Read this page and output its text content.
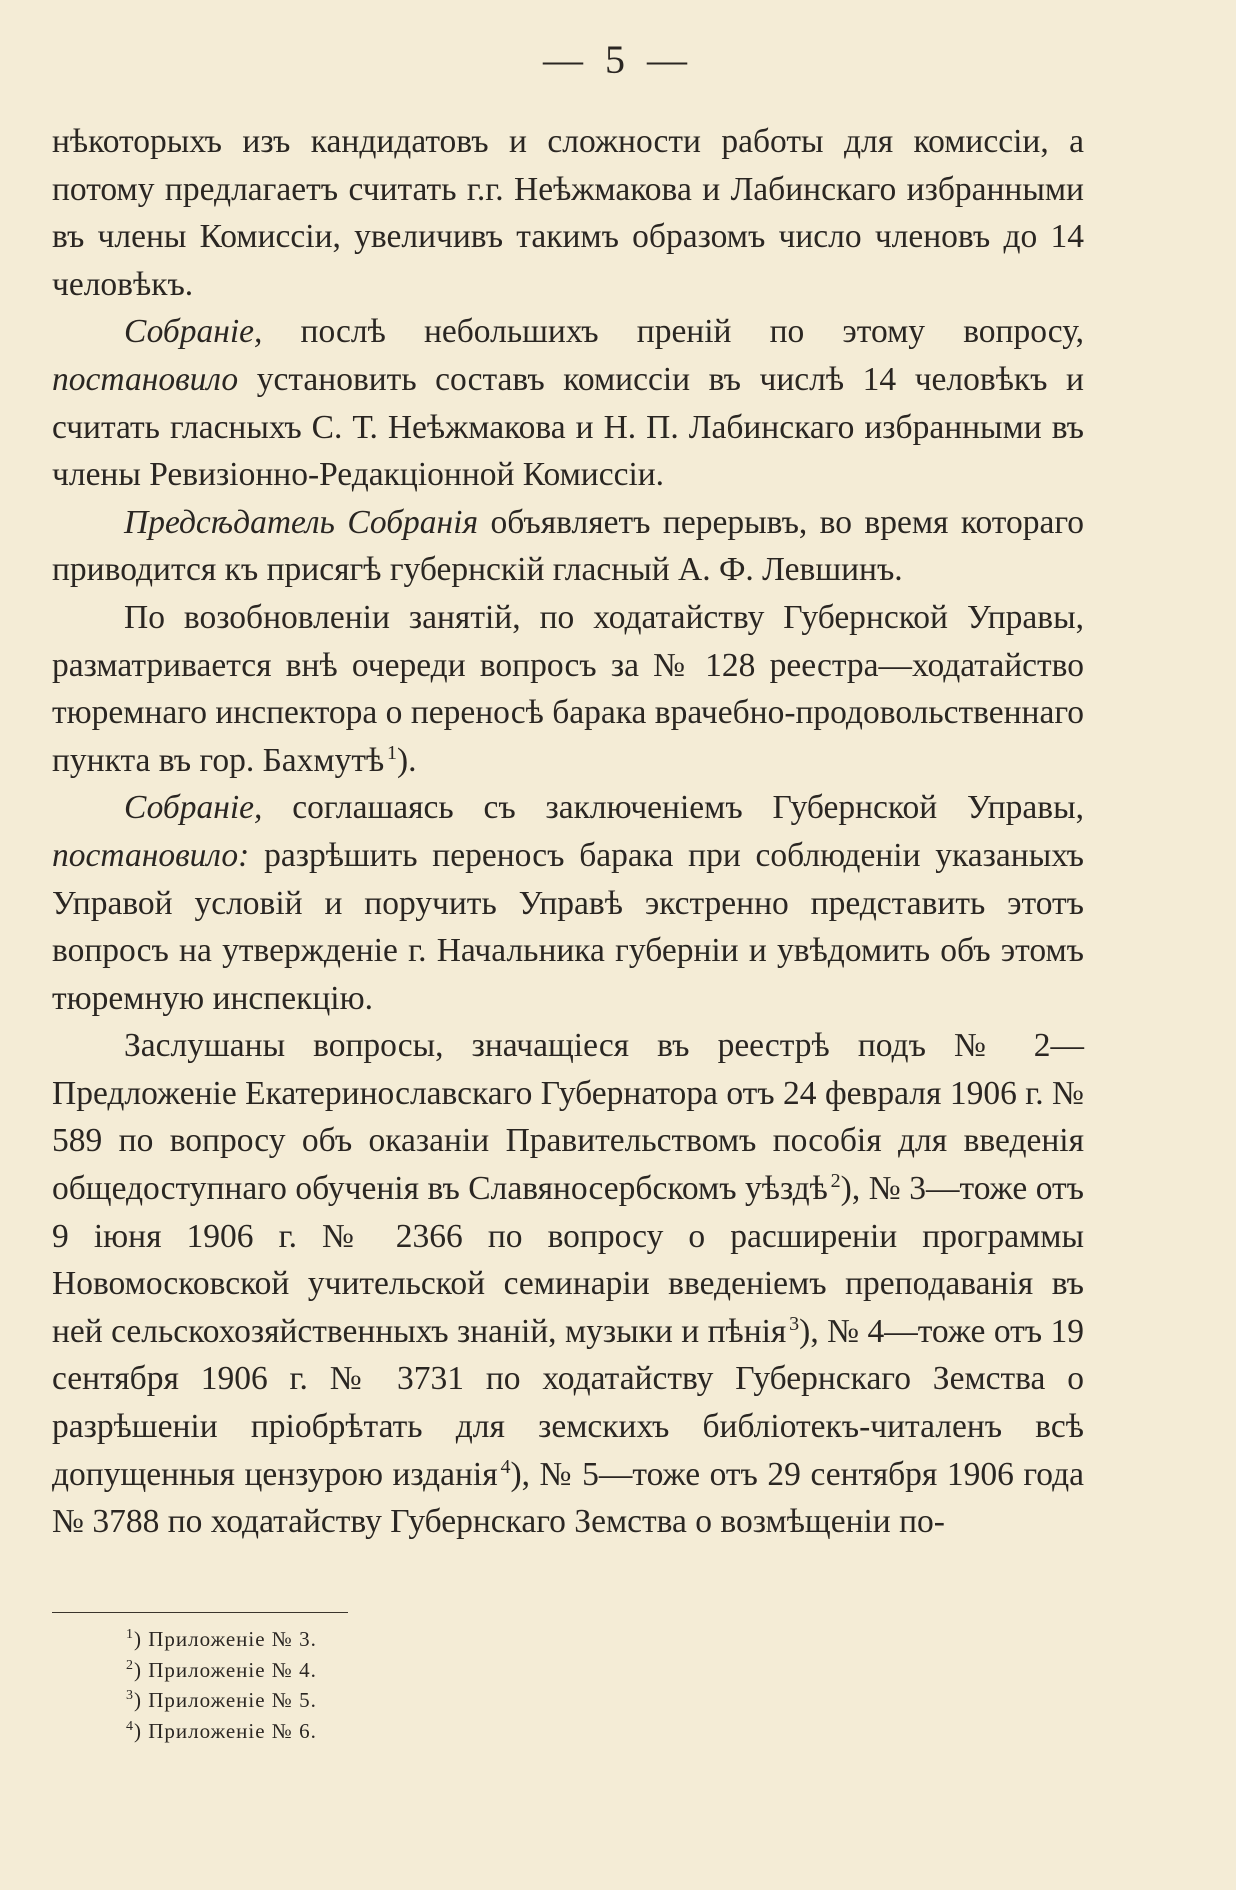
— 5 —

нѣкоторыхъ изъ кандидатовъ и сложности работы для комиссіи, а потому предлагаетъ считать г.г. Неѣжмакова и Лабинскаго избранными въ члены Комиссіи, увеличивъ такимъ образомъ число членовъ до 14 человѣкъ.

Собраніе, послѣ небольшихъ преній по этому вопросу, постановило установить составъ комиссіи въ числѣ 14 человѣкъ и считать гласныхъ С. Т. Неѣжмакова и Н. П. Лабинскаго избранными въ члены Ревизіонно-Редакціонной Комиссіи.

Предсѣдатель Собранія объявляетъ перерывъ, во время котораго приводится къ присягѣ губернскій гласный А. Ф. Левшинъ.

По возобновленіи занятій, по ходатайству Губернской Управы, разматривается внѣ очереди вопросъ за № 128 реестра—ходатайство тюремнаго инспектора о переносѣ барака врачебно-продовольственнаго пункта въ гор. Бахмутѣ  $^1$).

Собраніе, соглашаясь съ заключеніемъ Губернской Управы, постановило: разрѣшить переносъ барака при соблюденіи указаныхъ Управой условій и поручить Управѣ экстренно представить этотъ вопросъ на утвержденіе г. Начальника губерніи и увѣдомить объ этомъ тюремную инспекцію.

Заслушаны вопросы, значащіеся въ реестрѣ подъ № 2—Предложеніе Екатеринославскаго Губернатора отъ 24 февраля 1906 г. № 589 по вопросу объ оказаніи Правительствомъ пособія для введенія общедоступнаго обученія въ Славяносербскомъ уѣздѣ  $^2$), № 3—тоже отъ 9 іюня 1906 г. № 2366 по вопросу о расширеніи программы Новомосковской учительской семинаріи введеніемъ преподаванія въ ней сельскохозяйственныхъ знаній, музыки и пѣнія  $^3$), № 4—тоже отъ 19 сентября 1906 г. № 3731 по ходатайству Губернскаго Земства о разрѣшеніи пріобрѣтать для земскихъ библіотекъ-читаленъ всѣ допущенныя цензурою изданія  $^4$), № 5—тоже отъ 29 сентября 1906 года № 3788 по ходатайству Губернскаго Земства о возмѣщеніи по-

$^1$) Приложеніе № 3.
$^2$) Приложеніе № 4.
$^3$) Приложеніе № 5.
$^4$) Приложеніе № 6.
